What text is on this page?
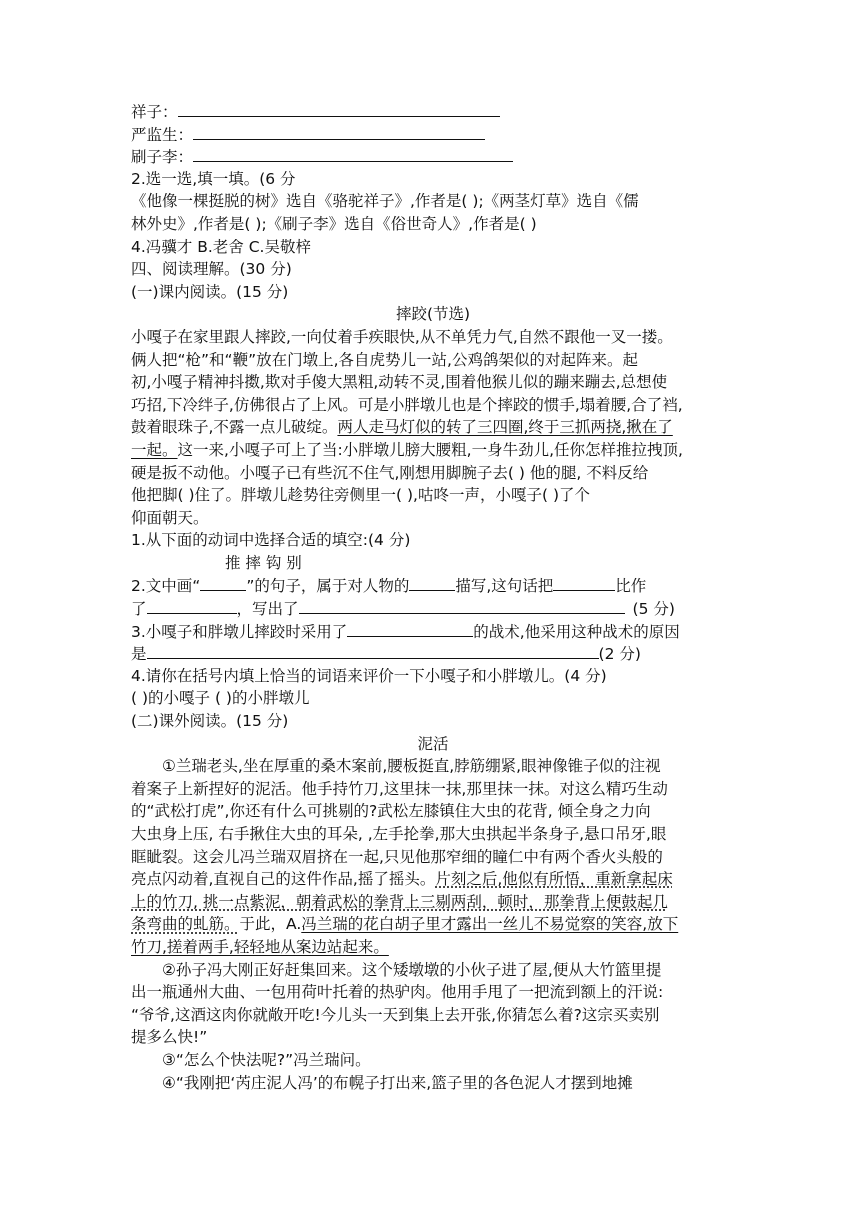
祥子：
严监生：
刷子李：
2.选一选,填一填。(6 分
《他像一棵挺脱的树》选自《骆驼祥子》,作者是( );《两茎灯草》选自《儒
林外史》,作者是( );《刷子李》选自《俗世奇人》,作者是( )
4.冯骥才 B.老舍 C.吴敬梓
四、阅读理解。(30 分)
(一)课内阅读。(15 分)
摔跤(节选)
小嘎子在家里跟人摔跤,一向仗着手疾眼快,从不单凭力气,自然不跟他一叉一搂。
俩人把“枪”和“鞭”放在门墩上,各自虎势儿一站,公鸡鸽架似的对起阵来。起
初,小嘎子精神抖擞,欺对手傻大黑粗,动转不灵,围着他猴儿似的蹦来蹦去,总想使
巧招,下冷绊子,仿佛很占了上风。可是小胖墩儿也是个摔跤的惯手,塌着腰,合了裆,
鼓着眼珠子,不露一点儿破绽。两人走马灯似的转了三四圈,终于三抓两挠,揪在了
一起。这一来,小嘎子可上了当:小胖墩儿膀大腰粗,一身牛劲儿,任你怎样推拉拽顶,
硬是扳不动他。小嘎子已有些沉不住气,刚想用脚腕子去( ) 他的腿, 不料反给
他把脚( )住了。胖墩儿趁势往旁侧里一( ),咕咚一声，小嘎子( )了个
仰面朝天。
1.从下面的动词中选择合适的填空:(4 分)
推 摔 钩 别
2.文中画“	”的句子，属于对人物的	描写,这句话把	比作
了	，写出了	(5 分)
3.小嘎子和胖墩儿摔跤时采用了	的战术,他采用这种战术的原因
是	(2 分)
4.请你在括号内填上恰当的词语来评价一下小嘎子和小胖墩儿。(4 分)
( )的小嘎子 ( )的小胖墩儿
(二)课外阅读。(15 分)
泥活
①兰瑞老头,坐在厚重的桑木案前,腰板挺直,脖筋绷紧,眼神像锥子似的注视
着案子上新捏好的泥活。他手持竹刀,这里抹一抹,那里抹一抹。对这么精巧生动
的“武松打虎”,你还有什么可挑剔的?武松左膝镇住大虫的花背, 倾全身之力向
大虫身上压, 右手揪住大虫的耳朵, ,左手抡拳,那大虫拱起半条身子,悬口吊牙,眼
眶眦裂。这会儿冯兰瑞双眉挤在一起,只见他那窄细的瞳仁中有两个香火头般的
亮点闪动着,直视自己的这件作品,摇了摇头。片刻之后,他似有所悟，重新拿起床
上的竹刀, 挑一点紫泥，朝着武松的拳背上三剔两刮，顿时，那拳背上便鼓起几
条弯曲的虬筋。于此，A.冯兰瑞的花白胡子里才露出一丝儿不易觉察的笑容,放下
竹刀,搓着两手,轻轻地从案边站起来。
②孙子冯大刚正好赶集回来。这个矮墩墩的小伙子进了屋,便从大竹篮里提
出一瓶通州大曲、一包用荷叶托着的热驴肉。他用手甩了一把流到额上的汗说:
“爷爷,这酒这肉你就敞开吃!今儿头一天到集上去开张,你猜怎么着?这宗买卖别
提多么快!”
③“怎么个快法呢?”冯兰瑞问。
④“我刚把‘芮庄泥人冯’的布幌子打出来,篮子里的各色泥人才摆到地摊
